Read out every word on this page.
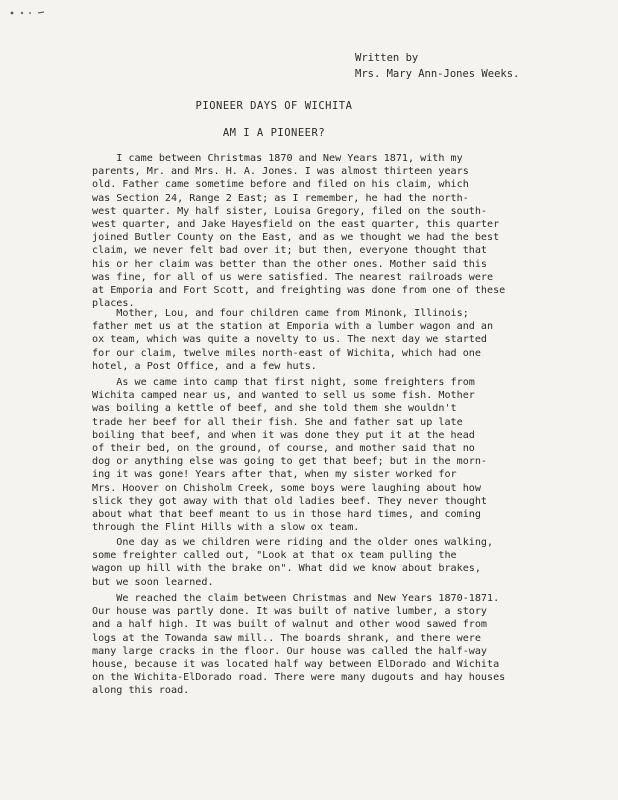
Written by
Mrs. Mary Ann-Jones Weeks.
PIONEER DAYS OF WICHITA
AM I A PIONEER?
I came between Christmas 1870 and New Years 1871, with my
parents, Mr. and Mrs. H. A. Jones. I was almost thirteen years
old. Father came sometime before and filed on his claim, which
was Section 24, Range 2 East; as I remember, he had the north-
west quarter. My half sister, Louisa Gregory, filed on the south-
west quarter, and Jake Hayesfield on the east quarter, this quarter
joined Butler County on the East, and as we thought we had the best
claim, we never felt bad over it; but then, everyone thought that
his or her claim was better than the other ones. Mother said this
was fine, for all of us were satisfied. The nearest railroads were
at Emporia and Fort Scott, and freighting was done from one of these
places.
Mother, Lou, and four children came from Minonk, Illinois;
father met us at the station at Emporia with a lumber wagon and an
ox team, which was quite a novelty to us. The next day we started
for our claim, twelve miles north-east of Wichita, which had one
hotel, a Post Office, and a few huts.
As we came into camp that first night, some freighters from
Wichita camped near us, and wanted to sell us some fish. Mother
was boiling a kettle of beef, and she told them she wouldn't
trade her beef for all their fish. She and father sat up late
boiling that beef, and when it was done they put it at the head
of their bed, on the ground, of course, and mother said that no
dog or anything else was going to get that beef; but in the morn-
ing it was gone! Years after that, when my sister worked for
Mrs. Hoover on Chisholm Creek, some boys were laughing about how
slick they got away with that old ladies beef. They never thought
about what that beef meant to us in those hard times, and coming
through the Flint Hills with a slow ox team.
One day as we children were riding and the older ones walking,
some freighter called out, "Look at that ox team pulling the
wagon up hill with the brake on". What did we know about brakes,
but we soon learned.
We reached the claim between Christmas and New Years 1870-1871.
Our house was partly done. It was built of native lumber, a story
and a half high. It was built of walnut and other wood sawed from
logs at the Towanda saw mill.. The boards shrank, and there were
many large cracks in the floor. Our house was called the half-way
house, because it was located half way between ElDorado and Wichita
on the Wichita-ElDorado road. There were many dugouts and hay houses
along this road.
